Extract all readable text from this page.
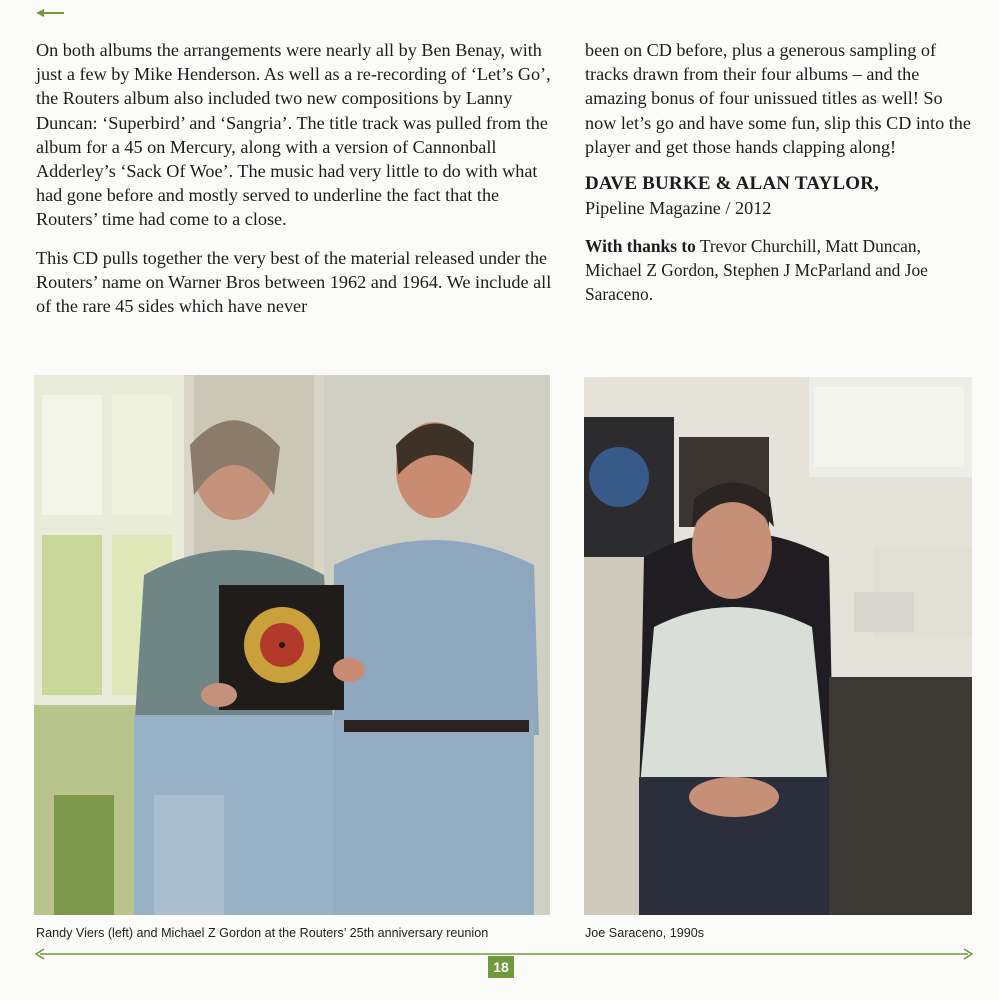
On both albums the arrangements were nearly all by Ben Benay, with just a few by Mike Henderson. As well as a re-recording of ‘Let’s Go’, the Routers album also included two new compositions by Lanny Duncan: ‘Superbird’ and ‘Sangria’. The title track was pulled from the album for a 45 on Mercury, along with a version of Cannonball Adderley’s ‘Sack Of Woe’. The music had very little to do with what had gone before and mostly served to underline the fact that the Routers’ time had come to a close.

This CD pulls together the very best of the material released under the Routers’ name on Warner Bros between 1962 and 1964. We include all of the rare 45 sides which have never

been on CD before, plus a generous sampling of tracks drawn from their four albums – and the amazing bonus of four unissued titles as well! So now let’s go and have some fun, slip this CD into the player and get those hands clapping along!

DAVE BURKE & ALAN TAYLOR,
Pipeline Magazine / 2012

With thanks to Trevor Churchill, Matt Duncan, Michael Z Gordon, Stephen J McParland and Joe Saraceno.

Randy Viers (left) and Michael Z Gordon at the Routers’ 25th anniversary reunion	Joe Saraceno, 1990s
18
